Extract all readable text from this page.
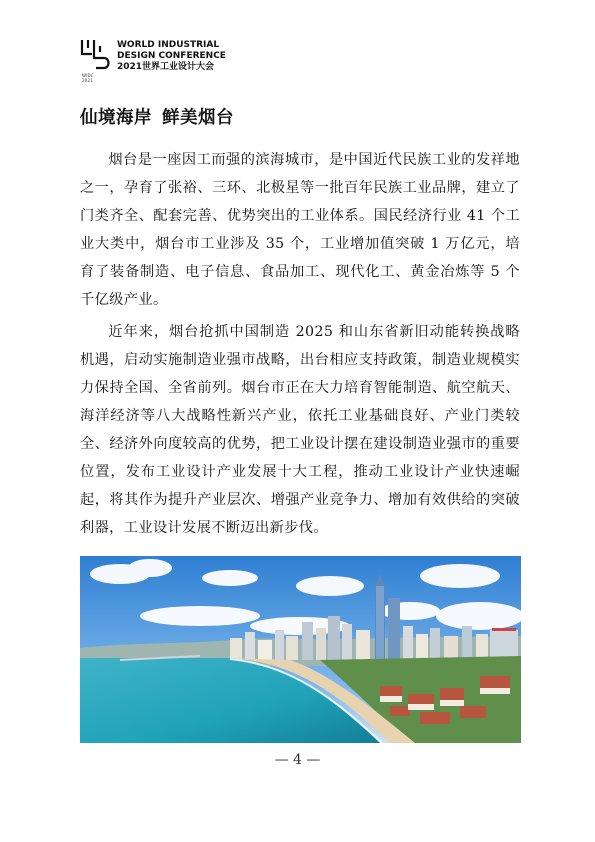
WIDC 2021
WORLD INDUSTRIAL
DESIGN CONFERENCE
2021世界工业设计大会
仙境海岸 鲜美烟台

烟台是一座因工而强的滨海城市，是中国近代民族工业的发祥地之一，孕育了张裕、三环、北极星等一批百年民族工业品牌，建立了门类齐全、配套完善、优势突出的工业体系。国民经济行业 41 个工业大类中，烟台市工业涉及 35 个，工业增加值突破 1 万亿元，培育了装备制造、电子信息、食品加工、现代化工、黄金冶炼等 5 个千亿级产业。

近年来，烟台抢抓中国制造 2025 和山东省新旧动能转换战略机遇，启动实施制造业强市战略，出台相应支持政策，制造业规模实力保持全国、全省前列。烟台市正在大力培育智能制造、航空航天、海洋经济等八大战略性新兴产业，依托工业基础良好、产业门类较全、经济外向度较高的优势，把工业设计摆在建设制造业强市的重要位置，发布工业设计产业发展十大工程，推动工业设计产业快速崛起，将其作为提升产业层次、增强产业竞争力、增加有效供给的突破利器，工业设计发展不断迈出新步伐。

— 4 —
